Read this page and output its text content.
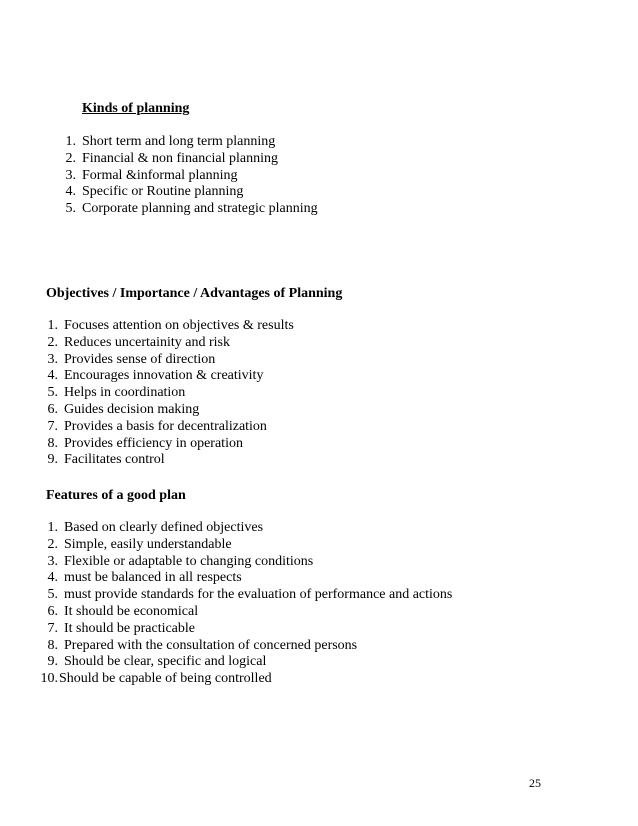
Kinds of planning
1. Short term and long term planning
2. Financial & non financial planning
3. Formal &informal planning
4. Specific or Routine planning
5. Corporate planning and strategic planning
Objectives / Importance / Advantages of Planning
1. Focuses attention on objectives & results
2. Reduces uncertainity and risk
3. Provides sense of direction
4. Encourages innovation & creativity
5. Helps in coordination
6. Guides decision making
7. Provides a basis for decentralization
8. Provides efficiency in operation
9. Facilitates control
Features of a good plan
1. Based on clearly defined objectives
2. Simple, easily understandable
3. Flexible or adaptable to changing conditions
4. must be balanced in all respects
5. must provide standards for the evaluation of performance and actions
6. It should be economical
7. It should be practicable
8. Prepared with the consultation of concerned persons
9. Should be clear, specific and logical
10. Should be capable of being controlled
25
